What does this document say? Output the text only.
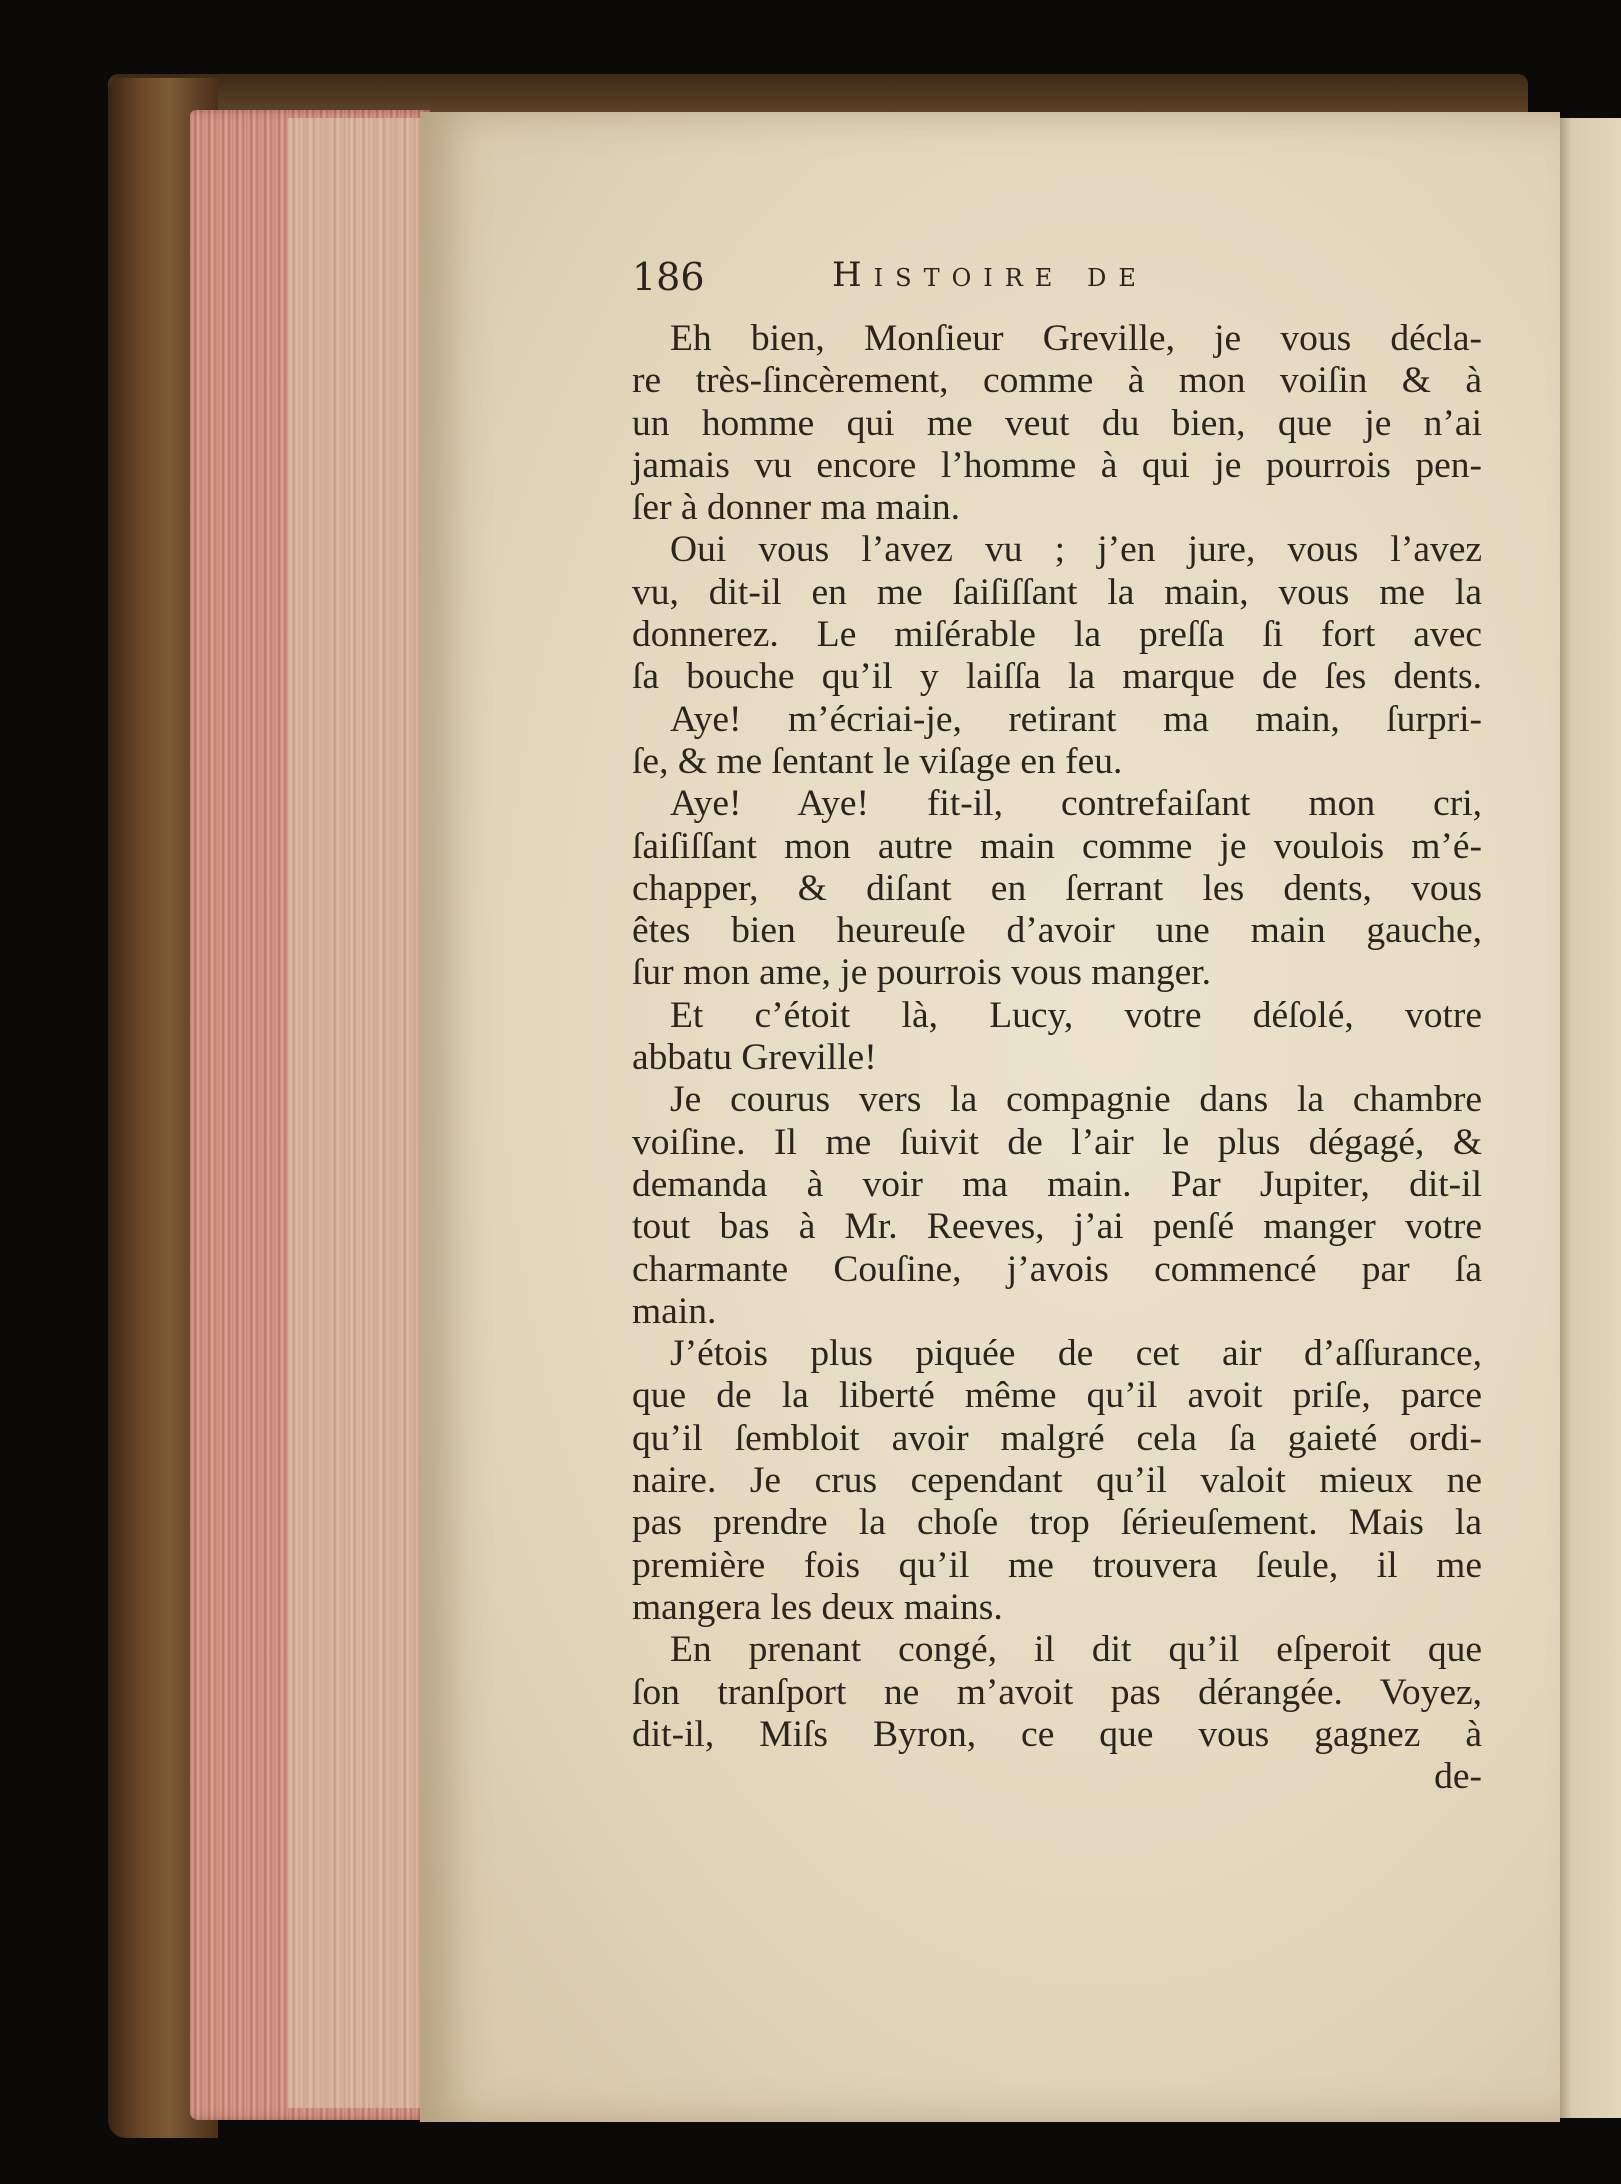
186	Histoire de
Eh bien, Monſieur Greville, je vous décla-
re très-ſincèrement, comme à mon voiſin & à
un homme qui me veut du bien, que je n’ai
jamais vu encore l’homme à qui je pourrois pen-
ſer à donner ma main.
Oui vous l’avez vu ; j’en jure, vous l’avez
vu, dit-il en me ſaiſiſſant la main, vous me la
donnerez. Le miſérable la preſſa ſi fort avec
ſa bouche qu’il y laiſſa la marque de ſes dents.
Aye! m’écriai-je, retirant ma main, ſurpri-
ſe, & me ſentant le viſage en feu.
Aye! Aye! fit-il, contrefaiſant mon cri,
ſaiſiſſant mon autre main comme je voulois m’é-
chapper, & diſant en ſerrant les dents, vous
êtes bien heureuſe d’avoir une main gauche,
ſur mon ame, je pourrois vous manger.
Et c’étoit là, Lucy, votre déſolé, votre
abbatu Greville!
Je courus vers la compagnie dans la chambre
voiſine. Il me ſuivit de l’air le plus dégagé, &
demanda à voir ma main. Par Jupiter, dit-il
tout bas à Mr. Reeves, j’ai penſé manger votre
charmante Couſine, j’avois commencé par ſa
main.
J’étois plus piquée de cet air d’aſſurance,
que de la liberté même qu’il avoit priſe, parce
qu’il ſembloit avoir malgré cela ſa gaieté ordi-
naire. Je crus cependant qu’il valoit mieux ne
pas prendre la choſe trop ſérieuſement. Mais la
première fois qu’il me trouvera ſeule, il me
mangera les deux mains.
En prenant congé, il dit qu’il eſperoit que
ſon tranſport ne m’avoit pas dérangée. Voyez,
dit-il, Miſs Byron, ce que vous gagnez à
de-
